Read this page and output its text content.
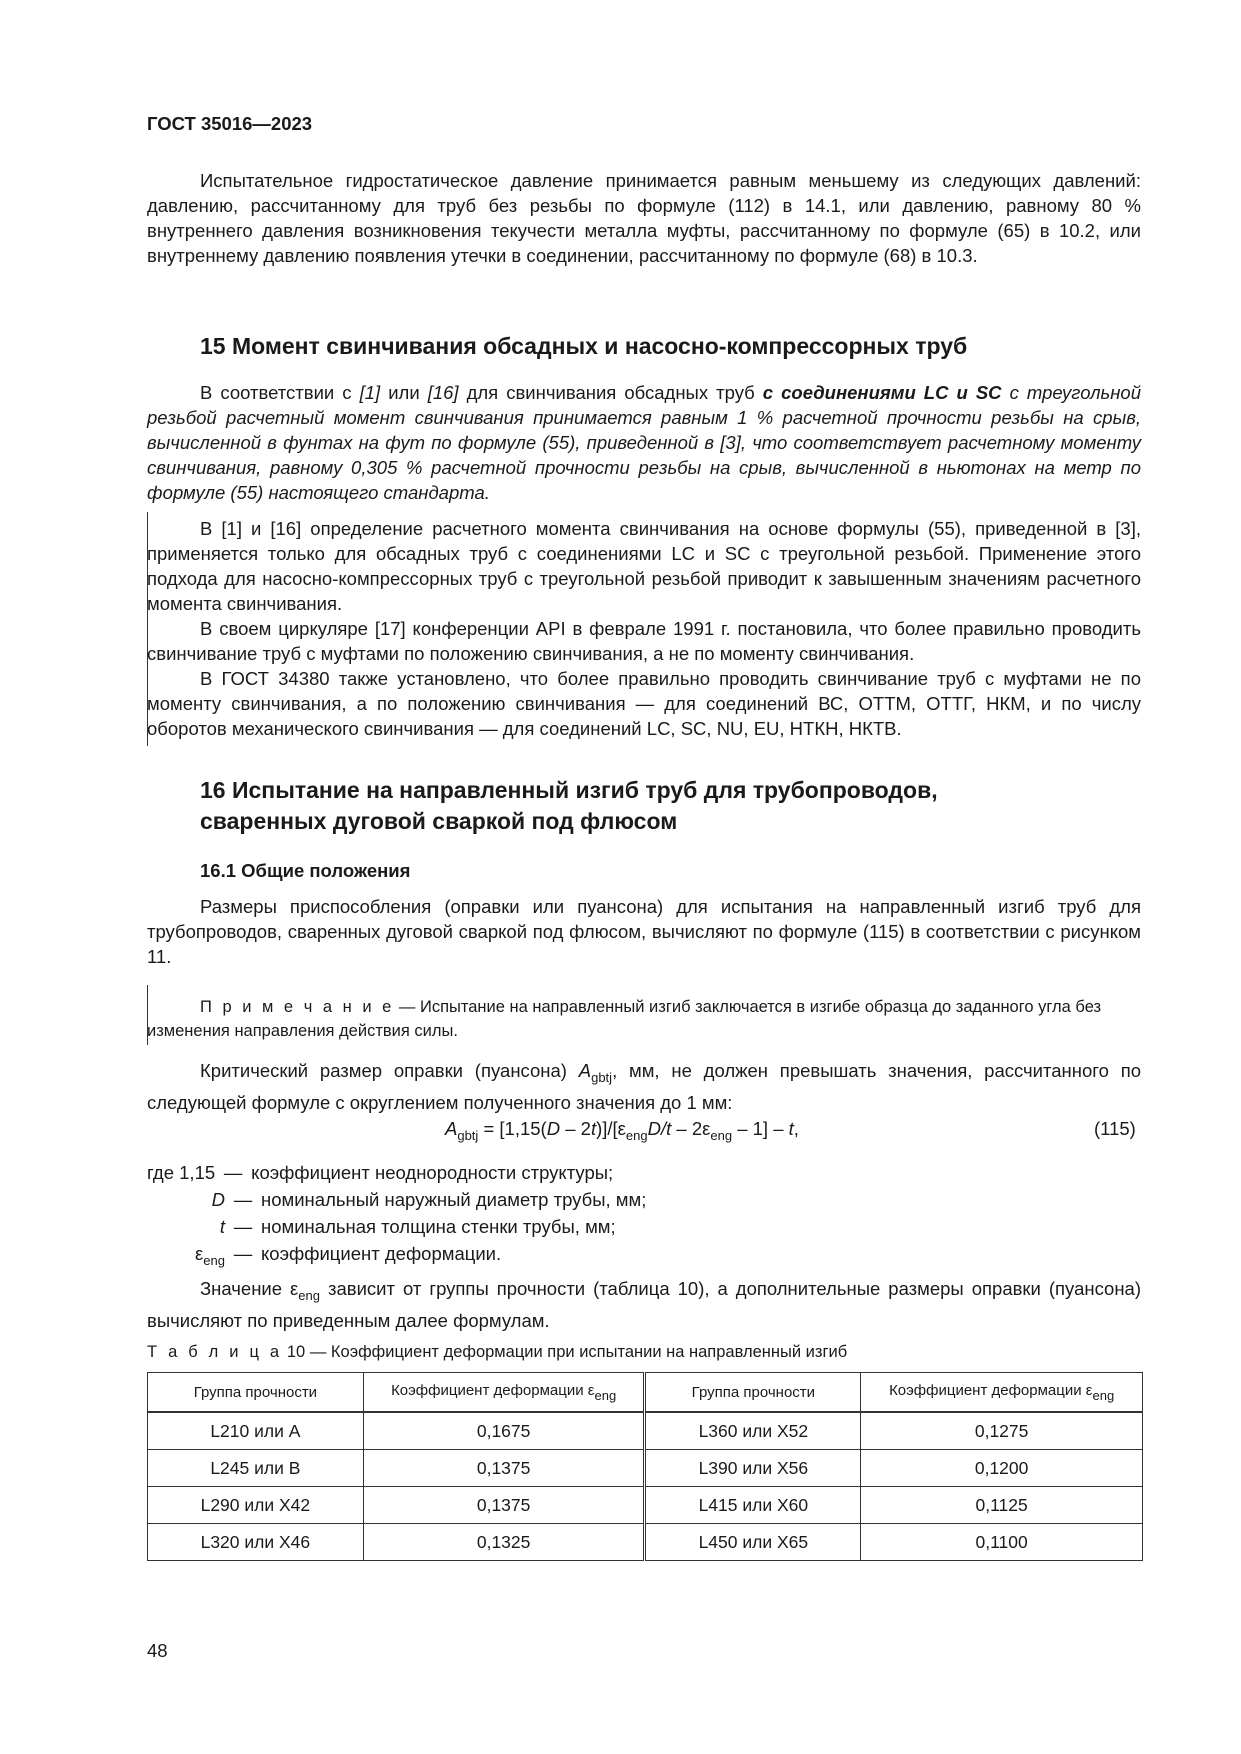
ГОСТ 35016—2023

Испытательное гидростатическое давление принимается равным меньшему из следующих давлений: давлению, рассчитанному для труб без резьбы по формуле (112) в 14.1, или давлению, равному 80 % внутреннего давления возникновения текучести металла муфты, рассчитанному по формуле (65) в 10.2, или внутреннему давлению появления утечки в соединении, рассчитанному по формуле (68) в 10.3.

15 Момент свинчивания обсадных и насосно-компрессорных труб

В соответствии с [1] или [16] для свинчивания обсадных труб с соединениями LC и SC с треугольной резьбой расчетный момент свинчивания принимается равным 1 % расчетной прочности резьбы на срыв, вычисленной в фунтах на фут по формуле (55), приведенной в [3], что соответствует расчетному моменту свинчивания, равному 0,305 % расчетной прочности резьбы на срыв, вычисленной в ньютонах на метр по формуле (55) настоящего стандарта.

В [1] и [16] определение расчетного момента свинчивания на основе формулы (55), приведенной в [3], применяется только для обсадных труб с соединениями LC и SC с треугольной резьбой. Применение этого подхода для насосно-компрессорных труб с треугольной резьбой приводит к завышенным значениям расчетного момента свинчивания.

В своем циркуляре [17] конференции API в феврале 1991 г. постановила, что более правильно проводить свинчивание труб с муфтами по положению свинчивания, а не по моменту свинчивания.

В ГОСТ 34380 также установлено, что более правильно проводить свинчивание труб с муфтами не по моменту свинчивания, а по положению свинчивания — для соединений ВС, ОТТМ, ОТТГ, НКМ, и по числу оборотов механического свинчивания — для соединений LC, SC, NU, EU, НТКН, НКТВ.

16 Испытание на направленный изгиб труб для трубопроводов,
сваренных дуговой сваркой под флюсом
16.1 Общие положения

Размеры приспособления (оправки или пуансона) для испытания на направленный изгиб труб для трубопроводов, сваренных дуговой сваркой под флюсом, вычисляют по формуле (115) в соответствии с рисунком 11.

П р и м е ч а н и е — Испытание на направленный изгиб заключается в изгибе образца до заданного угла без
изменения направления действия силы.

Критический размер оправки (пуансона) $A_{gbtj}$, мм, не должен превышать значения, рассчитанного по следующей формуле с округлением полученного значения до 1 мм:

$A_{gbtj} = [1,15(D - 2t)]/[\varepsilon_{eng}D/t - 2\varepsilon_{eng} - 1] - t$,	(115)
где 1,15 — коэффициент неоднородности структуры;
D — номинальный наружный диаметр трубы, мм;
t — номинальная толщина стенки трубы, мм;
$\varepsilon_{eng}$ — коэффициент деформации.

Значение $\varepsilon_{eng}$ зависит от группы прочности (таблица 10), а дополнительные размеры оправки (пуансона) вычисляют по приведенным далее формулам.

Т а б л и ц а 10 — Коэффициент деформации при испытании на направленный изгиб
Группа прочности	Коэффициент деформации $\varepsilon_{eng}$	Группа прочности	Коэффициент деформации $\varepsilon_{eng}$
L210 или А	0,1675	L360 или Х52	0,1275
L245 или В	0,1375	L390 или Х56	0,1200
L290 или Х42	0,1375	L415 или Х60	0,1125
L320 или Х46	0,1325	L450 или Х65	0,1100
48
